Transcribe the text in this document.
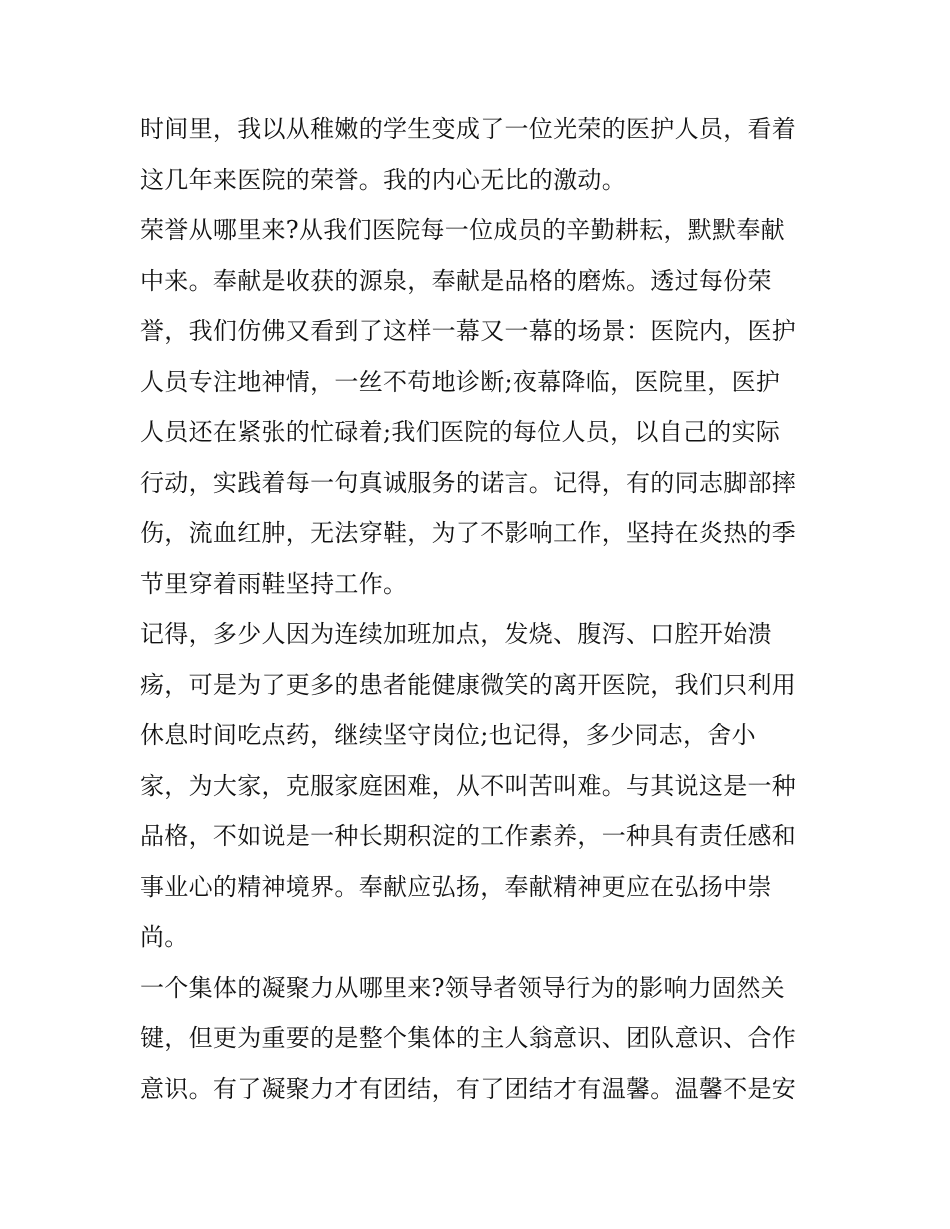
时间里，我以从稚嫩的学生变成了一位光荣的医护人员，看着
这几年来医院的荣誉。我的内心无比的激动。
荣誉从哪里来?从我们医院每一位成员的辛勤耕耘，默默奉献
中来。奉献是收获的源泉，奉献是品格的磨炼。透过每份荣
誉，我们仿佛又看到了这样一幕又一幕的场景：医院内，医护
人员专注地神情，一丝不苟地诊断;夜幕降临，医院里，医护
人员还在紧张的忙碌着;我们医院的每位人员，以自己的实际
行动，实践着每一句真诚服务的诺言。记得，有的同志脚部摔
伤，流血红肿，无法穿鞋，为了不影响工作，坚持在炎热的季
节里穿着雨鞋坚持工作。
记得，多少人因为连续加班加点，发烧、腹泻、口腔开始溃
疡，可是为了更多的患者能健康微笑的离开医院，我们只利用
休息时间吃点药，继续坚守岗位;也记得，多少同志，舍小
家，为大家，克服家庭困难，从不叫苦叫难。与其说这是一种
品格，不如说是一种长期积淀的工作素养，一种具有责任感和
事业心的精神境界。奉献应弘扬，奉献精神更应在弘扬中崇
尚。
一个集体的凝聚力从哪里来?领导者领导行为的影响力固然关
键，但更为重要的是整个集体的主人翁意识、团队意识、合作
意识。有了凝聚力才有团结，有了团结才有温馨。温馨不是安
